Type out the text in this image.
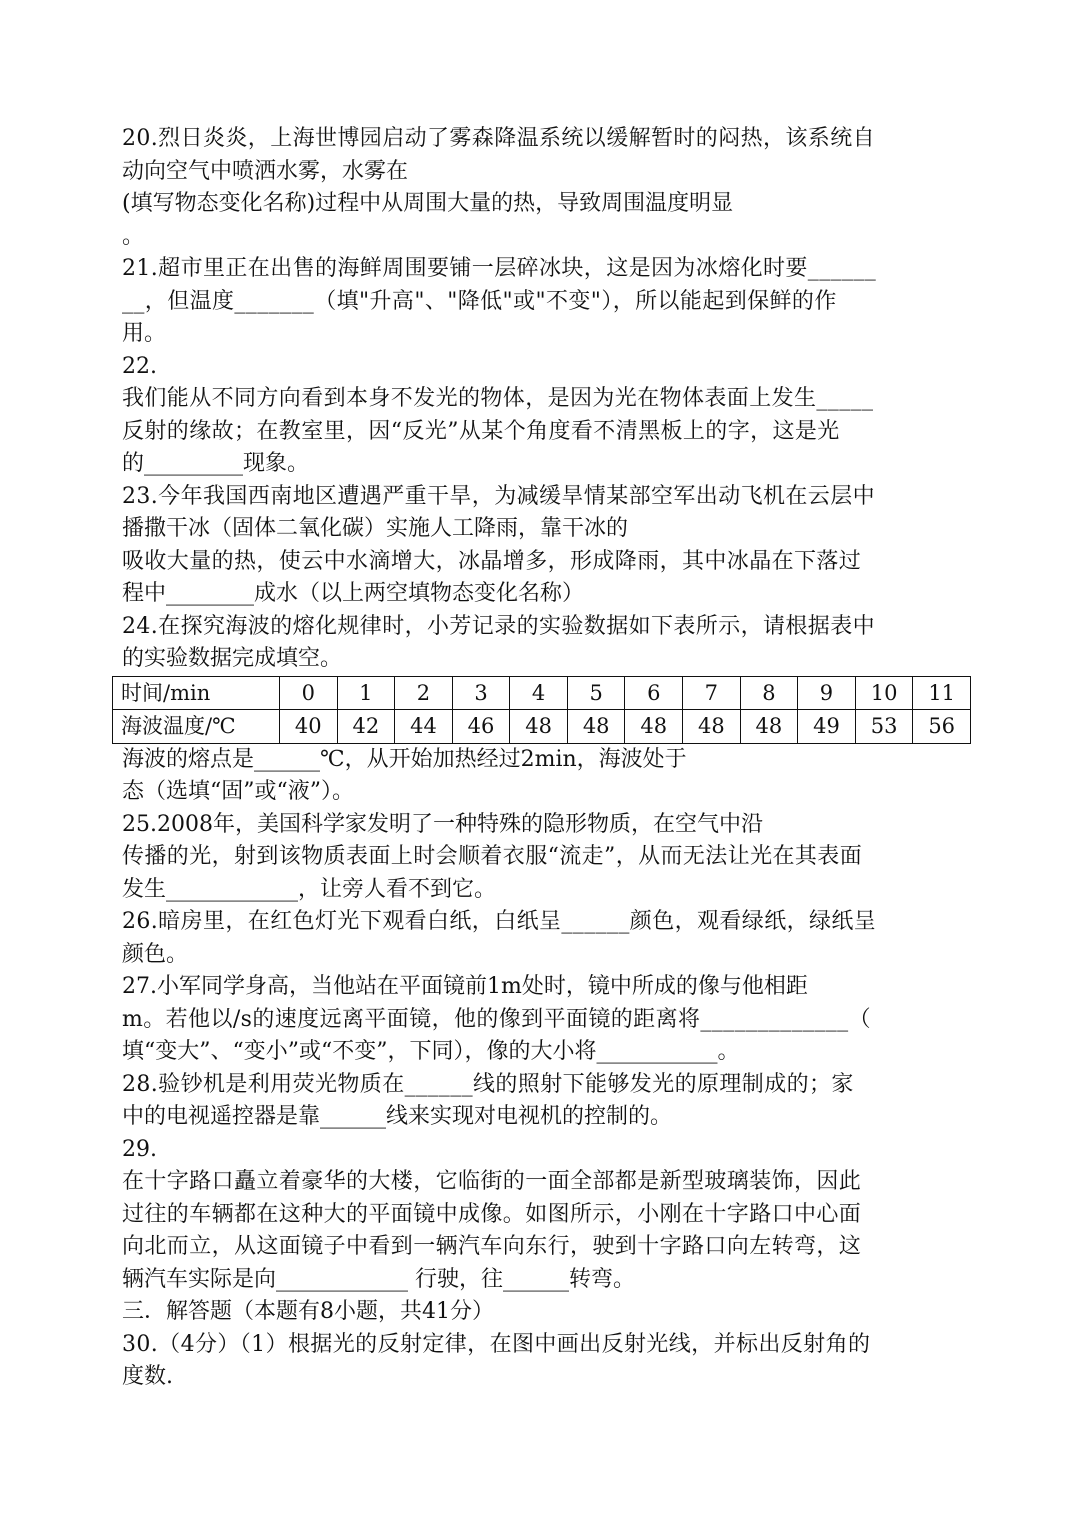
20.烈日炎炎，上海世博园启动了雾森降温系统以缓解暂时的闷热，该系统自
动向空气中喷洒水雾，水雾在
(填写物态变化名称)过程中从周围大量的热，导致周围温度明显
。
21.超市里正在出售的海鲜周围要铺一层碎冰块，这是因为冰熔化时要______
__，但温度_______（填"升高"、"降低"或"不变"），所以能起到保鲜的作
用。
22.
我们能从不同方向看到本身不发光的物体，是因为光在物体表面上发生_____
反射的缘故；在教室里，因“反光”从某个角度看不清黑板上的字，这是光
的_________现象。
23.今年我国西南地区遭遇严重干旱，为减缓旱情某部空军出动飞机在云层中
播撒干冰（固体二氧化碳）实施人工降雨，靠干冰的
吸收大量的热，使云中水滴增大，冰晶增多，形成降雨，其中冰晶在下落过
程中________成水（以上两空填物态变化名称）
24.在探究海波的熔化规律时，小芳记录的实验数据如下表所示，请根据表中
的实验数据完成填空。
时间/min	0	1	2	3	4	5	6	7	8	9	10	11
海波温度/℃	40	42	44	46	48	48	48	48	48	49	53	56
海波的熔点是______℃，从开始加热经过2min，海波处于
态（选填“固”或“液”）。
25.2008年，美国科学家发明了一种特殊的隐形物质，在空气中沿
传播的光，射到该物质表面上时会顺着衣服“流走”，从而无法让光在其表面
发生____________，让旁人看不到它。
26.暗房里，在红色灯光下观看白纸，白纸呈______颜色，观看绿纸，绿纸呈
颜色。
27.小军同学身高，当他站在平面镜前1m处时，镜中所成的像与他相距
m。若他以/s的速度远离平面镜，他的像到平面镜的距离将_____________（
填“变大”、“变小”或“不变”，下同），像的大小将___________。
28.验钞机是利用荧光物质在______线的照射下能够发光的原理制成的；家
中的电视遥控器是靠______线来实现对电视机的控制的。
29.
在十字路口矗立着豪华的大楼，它临街的一面全部都是新型玻璃装饰，因此
过往的车辆都在这种大的平面镜中成像。如图所示，小刚在十字路口中心面
向北而立，从这面镜子中看到一辆汽车向东行，驶到十字路口向左转弯，这
辆汽车实际是向____________ 行驶，往______转弯。
三．解答题（本题有8小题，共41分）
30.（4分）（1）根据光的反射定律，在图中画出反射光线，并标出反射角的
度数.
